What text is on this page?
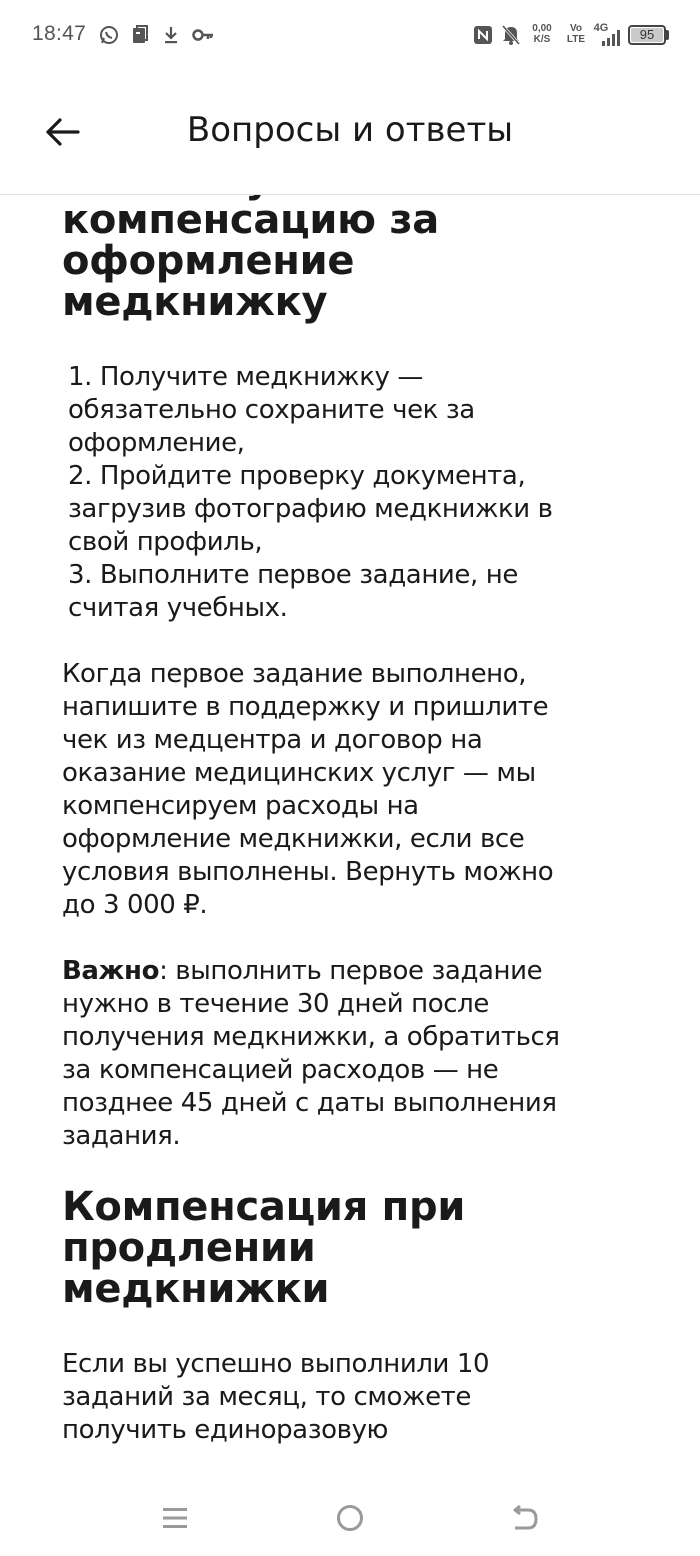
18:47	0,00
K/S
Vo
LTE
4G	95
Вопросы и ответы
компенсацию за оформление медкнижку
1. Получите медкнижку — обязательно сохраните чек за оформление,
2. Пройдите проверку документа, загрузив фотографию медкнижки в свой профиль,
3. Выполните первое задание, не считая учебных.

Когда первое задание выполнено, напишите в поддержку и пришлите чек из медцентра и договор на оказание медицинских услуг — мы компенсируем расходы на оформление медкнижки, если все условия выполнены. Вернуть можно до 3 000 ₽.

Важно: выполнить первое задание нужно в течение 30 дней после получения медкнижки, а обратиться за компенсацией расходов — не позднее 45 дней с даты выполнения задания.

Компенсация при продлении медкнижки

Если вы успешно выполнили 10 заданий за месяц, то сможете получить единоразовую
